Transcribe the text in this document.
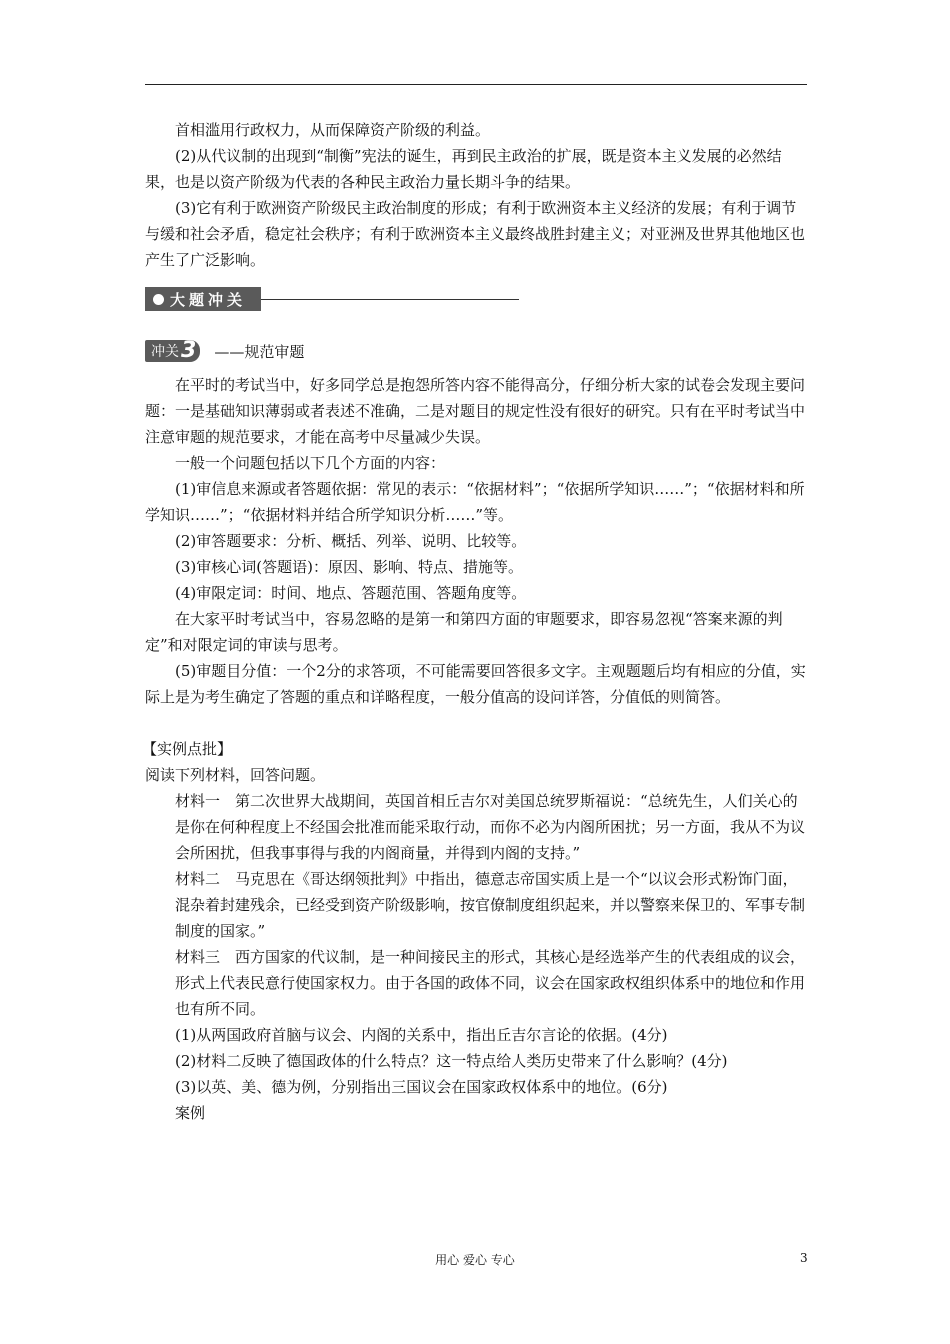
首相滥用行政权力，从而保障资产阶级的利益。

(2)从代议制的出现到“制衡”宪法的诞生，再到民主政治的扩展，既是资本主义发展的必然结果，也是以资产阶级为代表的各种民主政治力量长期斗争的结果。

(3)它有利于欧洲资产阶级民主政治制度的形成；有利于欧洲资本主义经济的发展；有利于调节与缓和社会矛盾，稳定社会秩序；有利于欧洲资本主义最终战胜封建主义；对亚洲及世界其他地区也产生了广泛影响。

大题冲关
冲关 3 ——规范审题

在平时的考试当中，好多同学总是抱怨所答内容不能得高分，仔细分析大家的试卷会发现主要问题：一是基础知识薄弱或者表述不准确，二是对题目的规定性没有很好的研究。只有在平时考试当中注意审题的规范要求，才能在高考中尽量减少失误。

一般一个问题包括以下几个方面的内容：

(1)审信息来源或者答题依据：常见的表示：“依据材料”；“依据所学知识……”；“依据材料和所学知识……”；“依据材料并结合所学知识分析……”等。

(2)审答题要求：分析、概括、列举、说明、比较等。

(3)审核心词(答题语)：原因、影响、特点、措施等。

(4)审限定词：时间、地点、答题范围、答题角度等。

在大家平时考试当中，容易忽略的是第一和第四方面的审题要求，即容易忽视“答案来源的判定”和对限定词的审读与思考。

(5)审题目分值：一个2分的求答项，不可能需要回答很多文字。主观题题后均有相应的分值，实际上是为考生确定了答题的重点和详略程度，一般分值高的设问详答，分值低的则简答。

【实例点批】

阅读下列材料，回答问题。

材料一　第二次世界大战期间，英国首相丘吉尔对美国总统罗斯福说：“总统先生，人们关心的是你在何种程度上不经国会批准而能采取行动，而你不必为内阁所困扰；另一方面，我从不为议会所困扰，但我事事得与我的内阁商量，并得到内阁的支持。”

材料二　马克思在《哥达纲领批判》中指出，德意志帝国实质上是一个“以议会形式粉饰门面，混杂着封建残余，已经受到资产阶级影响，按官僚制度组织起来，并以警察来保卫的、军事专制制度的国家。”

材料三　西方国家的代议制，是一种间接民主的形式，其核心是经选举产生的代表组成的议会，形式上代表民意行使国家权力。由于各国的政体不同，议会在国家政权组织体系中的地位和作用也有所不同。

(1)从两国政府首脑与议会、内阁的关系中，指出丘吉尔言论的依据。(4分)

(2)材料二反映了德国政体的什么特点？这一特点给人类历史带来了什么影响？(4分)

(3)以英、美、德为例，分别指出三国议会在国家政权体系中的地位。(6分)

案例

用心 爱心 专心	3
